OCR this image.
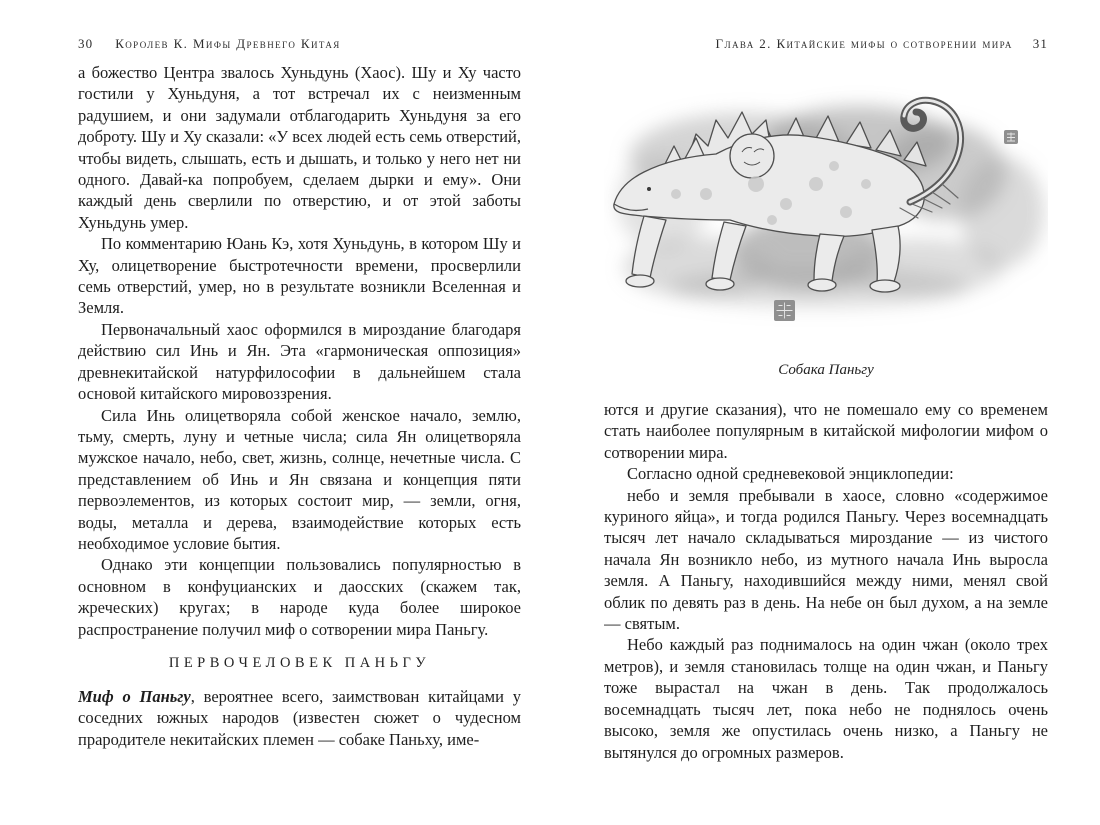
30 Королев К. Мифы Древнего Китая	Глава 2. Китайские мифы о сотворении мира 31

а божество Центра звалось Хуньдунь (Хаос). Шу и Ху часто гостили у Хуньдуня, а тот встречал их с неизменным радушием, и они задумали отблагодарить Хуньдуня за его доброту. Шу и Ху сказали: «У всех людей есть семь отверстий, чтобы видеть, слышать, есть и дышать, и только у него нет ни одного. Давай-ка попробуем, сделаем дырки и ему». Они каждый день сверлили по отверстию, и от этой заботы Хуньдунь умер.

По комментарию Юань Кэ, хотя Хуньдунь, в котором Шу и Ху, олицетворение быстротечности времени, просверлили семь отверстий, умер, но в результате возникли Вселенная и Земля.

Первоначальный хаос оформился в мироздание благодаря действию сил Инь и Ян. Эта «гармоническая оппозиция» древнекитайской натурфилософии в дальнейшем стала основой китайского мировоззрения.

Сила Инь олицетворяла собой женское начало, землю, тьму, смерть, луну и четные числа; сила Ян олицетворяла мужское начало, небо, свет, жизнь, солнце, нечетные числа. С представлением об Инь и Ян связана и концепция пяти первоэлементов, из которых состоит мир, — земли, огня, воды, металла и дерева, взаимодействие которых есть необходимое условие бытия.

Однако эти концепции пользовались популярностью в основном в конфуцианских и даосских (скажем так, жреческих) кругах; в народе куда более широкое распространение получил миф о сотворении мира Паньгу.

ПЕРВОЧЕЛОВЕК ПАНЬГУ

Миф о Паньгу, вероятнее всего, заимствован китайцами у соседних южных народов (известен сюжет о чудесном прародителе некитайских племен — собаке Паньху, име-

Собака Паньгу

ются и другие сказания), что не помешало ему со временем стать наиболее популярным в китайской мифологии мифом о сотворении мира.

Согласно одной средневековой энциклопедии:

небо и земля пребывали в хаосе, словно «содержимое куриного яйца», и тогда родился Паньгу. Через восемнадцать тысяч лет начало складываться мироздание — из чистого начала Ян возникло небо, из мутного начала Инь выросла земля. А Паньгу, находившийся между ними, менял свой облик по девять раз в день. На небе он был духом, а на земле — святым.

Небо каждый раз поднималось на один чжан (около трех метров), и земля становилась толще на один чжан, и Паньгу тоже вырастал на чжан в день. Так продолжалось восемнадцать тысяч лет, пока небо не поднялось очень высоко, земля же опустилась очень низко, а Паньгу не вытянулся до огромных размеров.
